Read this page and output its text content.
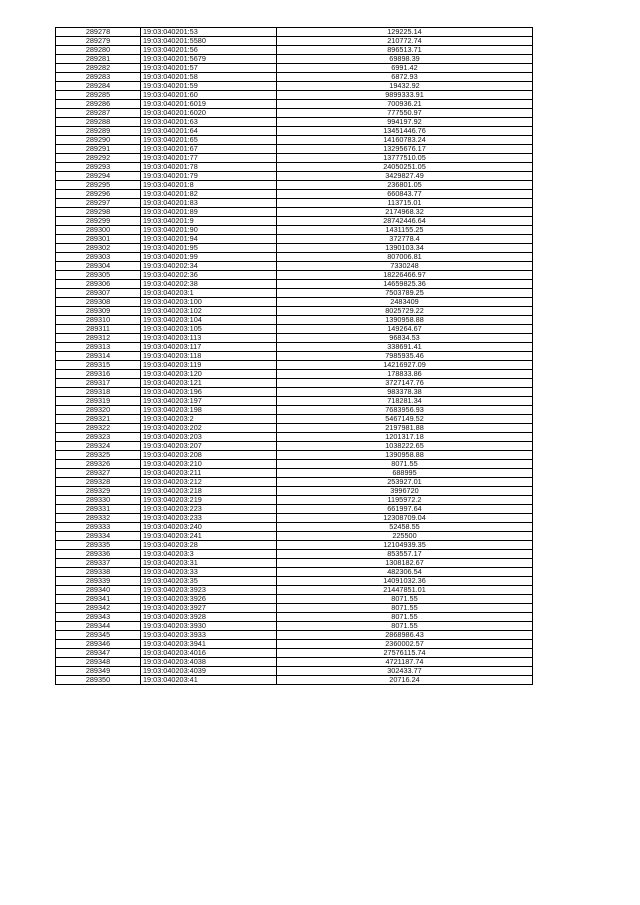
289278	19:03:040201:53	129225.14
289279	19:03:040201:5580	210772.74
289280	19:03:040201:56	896513.71
289281	19:03:040201:5679	69898.39
289282	19:03:040201:57	6991.42
289283	19:03:040201:58	6872.93
289284	19:03:040201:59	19432.92
289285	19:03:040201:60	9899333.91
289286	19:03:040201:6019	700936.21
289287	19:03:040201:6020	777550.97
289288	19:03:040201:63	994197.92
289289	19:03:040201:64	13451446.76
289290	19:03:040201:65	14160783.24
289291	19:03:040201:67	13295676.17
289292	19:03:040201:77	13777510.05
289293	19:03:040201:78	24050251.05
289294	19:03:040201:79	3429827.49
289295	19:03:040201:8	236801.05
289296	19:03:040201:82	660843.77
289297	19:03:040201:83	113715.01
289298	19:03:040201:89	2174968.32
289299	19:03:040201:9	28742446.64
289300	19:03:040201:90	1431155.25
289301	19:03:040201:94	372778.4
289302	19:03:040201:95	1390103.34
289303	19:03:040201:99	807006.81
289304	19:03:040202:34	7330248
289305	19:03:040202:36	18226466.97
289306	19:03:040202:38	14659825.36
289307	19:03:040203:1	7503789.25
289308	19:03:040203:100	2483409
289309	19:03:040203:102	8025729.22
289310	19:03:040203:104	1390958.88
289311	19:03:040203:105	149264.67
289312	19:03:040203:113	96834.53
289313	19:03:040203:117	338691.41
289314	19:03:040203:118	7985935.46
289315	19:03:040203:119	14216927.09
289316	19:03:040203:120	178833.86
289317	19:03:040203:121	3727147.76
289318	19:03:040203:196	983378.38
289319	19:03:040203:197	718281.34
289320	19:03:040203:198	7683956.93
289321	19:03:040203:2	5467149.52
289322	19:03:040203:202	2197981.88
289323	19:03:040203:203	1201317.18
289324	19:03:040203:207	1038222.65
289325	19:03:040203:208	1390958.88
289326	19:03:040203:210	8071.55
289327	19:03:040203:211	688995
289328	19:03:040203:212	253927.01
289329	19:03:040203:218	3996720
289330	19:03:040203:219	1195972.2
289331	19:03:040203:223	661997.64
289332	19:03:040203:233	12308709.04
289333	19:03:040203:240	52458.55
289334	19:03:040203:241	225500
289335	19:03:040203:28	12104939.35
289336	19:03:040203:3	853557.17
289337	19:03:040203:31	1308182.67
289338	19:03:040203:33	482306.54
289339	19:03:040203:35	14091032.36
289340	19:03:040203:3923	21447851.01
289341	19:03:040203:3926	8071.55
289342	19:03:040203:3927	8071.55
289343	19:03:040203:3928	8071.55
289344	19:03:040203:3930	8071.55
289345	19:03:040203:3933	2868986.43
289346	19:03:040203:3941	2360002.57
289347	19:03:040203:4016	27576115.74
289348	19:03:040203:4038	4721187.74
289349	19:03:040203:4039	302433.77
289350	19:03:040203:41	20716.24
